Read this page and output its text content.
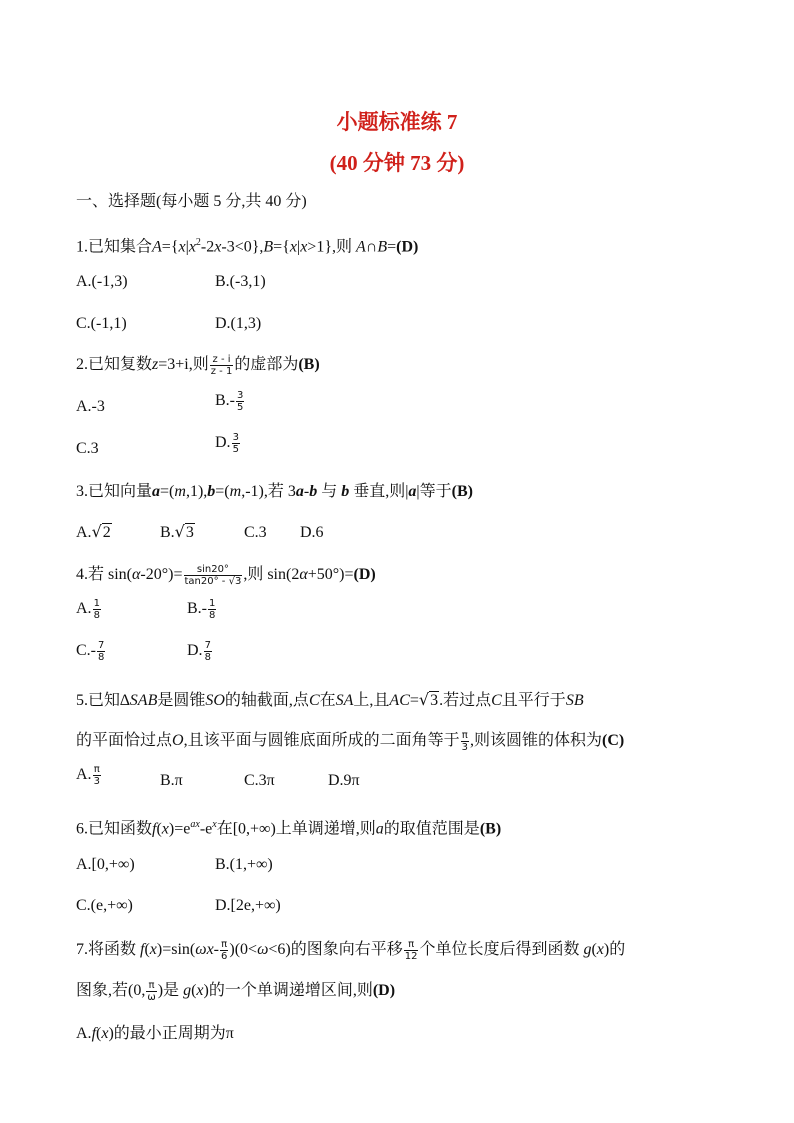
小题标准练 7
(40 分钟 73 分)
一、选择题(每小题 5 分,共 40 分)
1.已知集合$A=\{x|x^2-2x-3<0\},B=\{x|x>1\}$,则 A∩B=(D)
A.(-1,3)	B.(-3,1)
C.(-1,1)	D.(1,3)
2.已知复数z=3+i,则 $\frac{z - i}{z - 1}$ 的虚部为(B)
A.-3	$B.- \frac{3}{5}$
C.3	D. $\frac{3}{5}$
3.已知向量a=(m,1),b=(m,-1),若 3a-b 与 b 垂直,则|a|等于(B)
A.√2	B.√3	C.3 D.6
4.若 $\sin(\alpha-20^\circ)= \frac{\sin 20^\circ}{\tan 20^\circ - √3}$ ,则 sin(2α+50°)=(D)
A. $\frac{1}{8}$	$B.- \frac{1}{8}$
$C.- \frac{7}{8}$	D. $\frac{7}{8}$
5.已知∆SAB是圆锥SO的轴截面,点C在SA上,且AC=√3.若过点C且平行于SB
的平面恰过点O,且该平面与圆锥底面所成的二面角等于 $\frac{\pi}{3}$ ,则该圆锥的体积为(C)
A. $\frac{\pi}{3}$	B.π	C.3π	D.9π
6.已知函数$f(x)=e^{ax}-e^x$在[0,+∞)上单调递增,则a的取值范围是(B)
A.[0,+∞)	B.(1,+∞)
C.(e,+∞)	D.[2e,+∞)
7.将函数 $f(x)=\sin(\omega x- \frac{\pi}{6} )(0<\omega<6)$的图象向右平移 $\frac{\pi}{12}$ 个单位长度后得到函数 g(x)的
图象,若(0, $\frac{\pi}{\omega}$ )是 g(x)的一个单调递增区间,则(D)
A.f(x)的最小正周期为π
